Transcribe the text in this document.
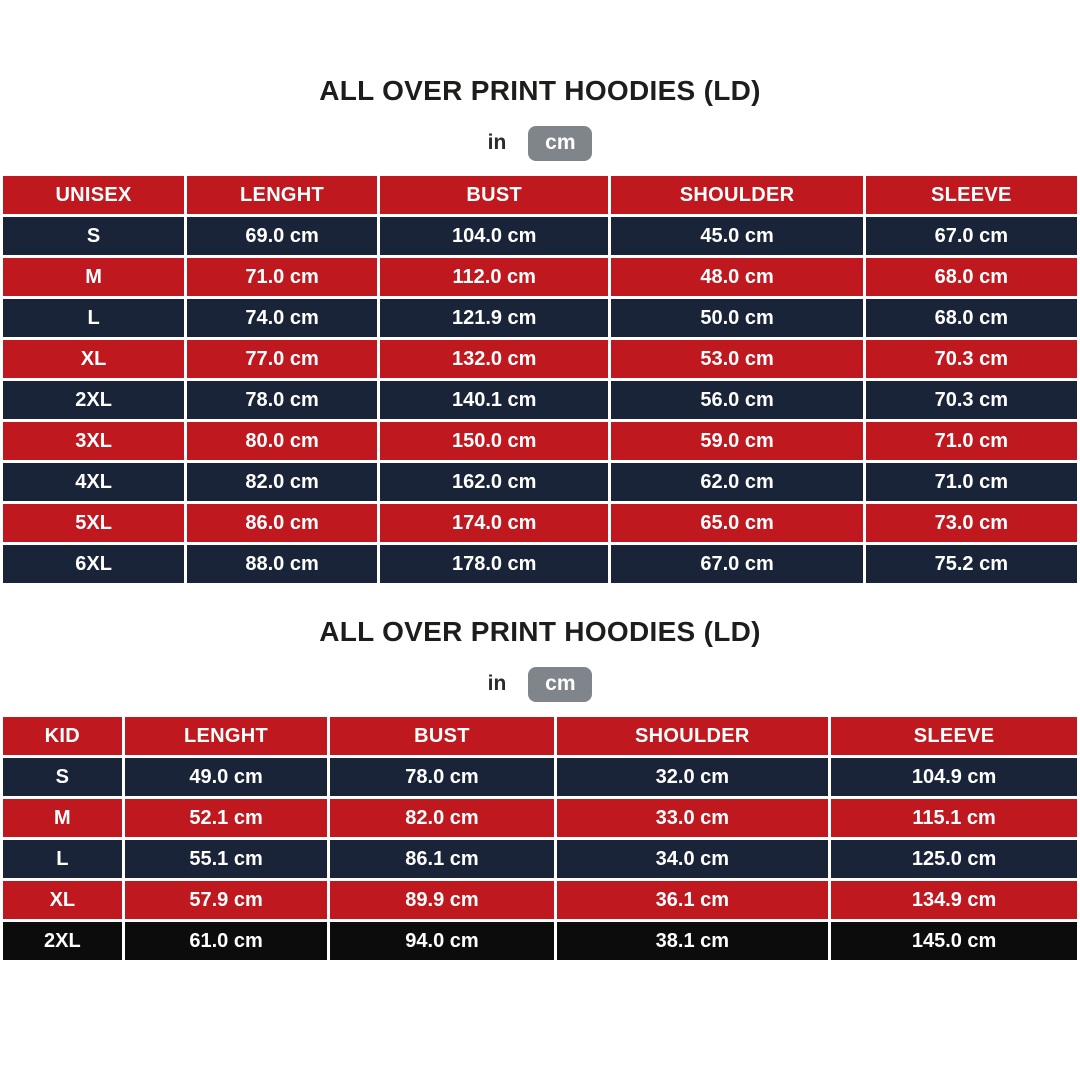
ALL OVER PRINT HOODIES (LD)
in	cm
UNISEX	LENGHT	BUST	SHOULDER	SLEEVE
S	69.0 cm	104.0 cm	45.0 cm	67.0 cm
M	71.0 cm	112.0 cm	48.0 cm	68.0 cm
L	74.0 cm	121.9 cm	50.0 cm	68.0 cm
XL	77.0 cm	132.0 cm	53.0 cm	70.3 cm
2XL	78.0 cm	140.1 cm	56.0 cm	70.3 cm
3XL	80.0 cm	150.0 cm	59.0 cm	71.0 cm
4XL	82.0 cm	162.0 cm	62.0 cm	71.0 cm
5XL	86.0 cm	174.0 cm	65.0 cm	73.0 cm
6XL	88.0 cm	178.0 cm	67.0 cm	75.2 cm
ALL OVER PRINT HOODIES (LD)
in	cm
KID	LENGHT	BUST	SHOULDER	SLEEVE
S	49.0 cm	78.0 cm	32.0 cm	104.9 cm
M	52.1 cm	82.0 cm	33.0 cm	115.1 cm
L	55.1 cm	86.1 cm	34.0 cm	125.0 cm
XL	57.9 cm	89.9 cm	36.1 cm	134.9 cm
2XL	61.0 cm	94.0 cm	38.1 cm	145.0 cm
